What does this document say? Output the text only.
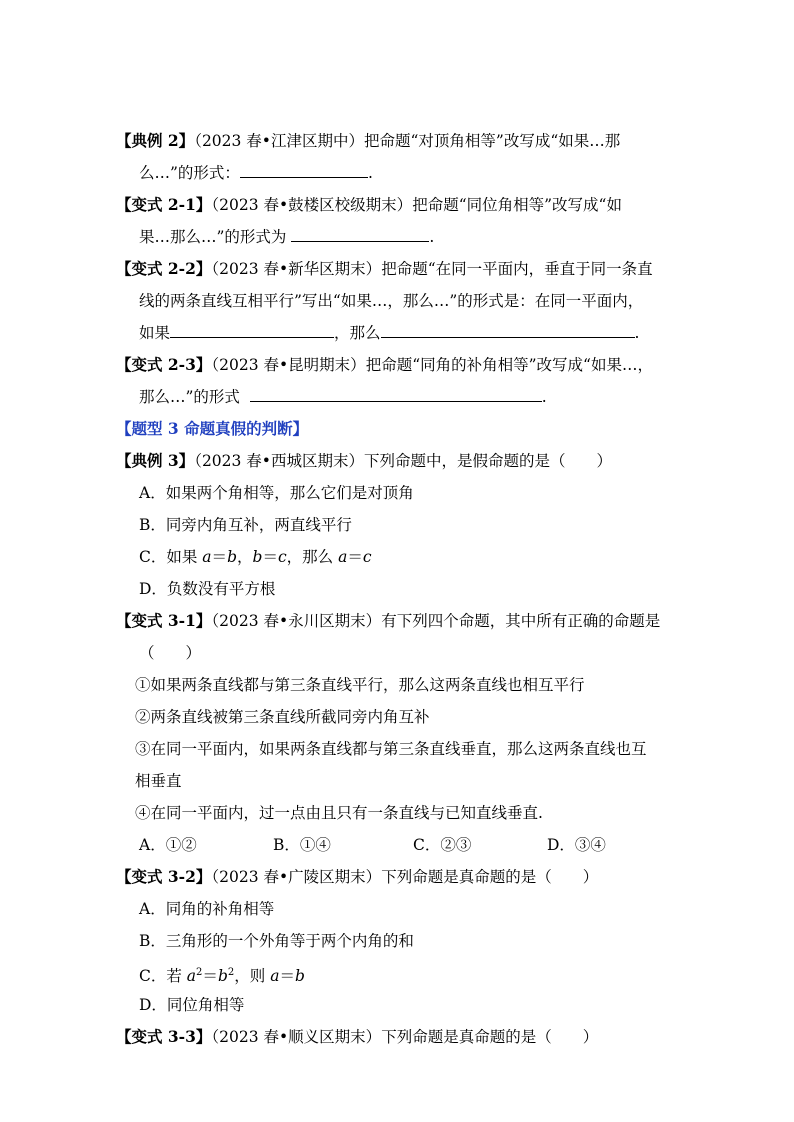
【典例 2】（2023 春•江津区期中）把命题“对顶角相等”改写成“如果…那
么…”的形式：	.
【变式 2-1】（2023 春•鼓楼区校级期末）把命题“同位角相等”改写成“如
果…那么…”的形式为	.
【变式 2-2】（2023 春•新华区期末）把命题“在同一平面内，垂直于同一条直
线的两条直线互相平行”写出“如果…，那么…”的形式是：在同一平面内，
如果	，那么	.
【变式 2-3】（2023 春•昆明期末）把命题“同角的补角相等”改写成“如果…，
那么…”的形式	.
【题型 3 命题真假的判断】
【典例 3】（2023 春•西城区期末）下列命题中，是假命题的是（　　）
A．如果两个角相等，那么它们是对顶角
B．同旁内角互补，两直线平行
C．如果 a＝b，b＝c，那么 a＝c
D．负数没有平方根
【变式 3-1】（2023 春•永川区期末）有下列四个命题，其中所有正确的命题是
（　　）
①如果两条直线都与第三条直线平行，那么这两条直线也相互平行
②两条直线被第三条直线所截同旁内角互补
③在同一平面内，如果两条直线都与第三条直线垂直，那么这两条直线也互
相垂直
④在同一平面内，过一点由且只有一条直线与已知直线垂直.
A．①②	B．①④	C．②③	D．③④
【变式 3-2】（2023 春•广陵区期末）下列命题是真命题的是（　　）
A．同角的补角相等
B．三角形的一个外角等于两个内角的和
C．若 $a^2=b^2$，则 a＝b
D．同位角相等
【变式 3-3】（2023 春•顺义区期末）下列命题是真命题的是（　　）
